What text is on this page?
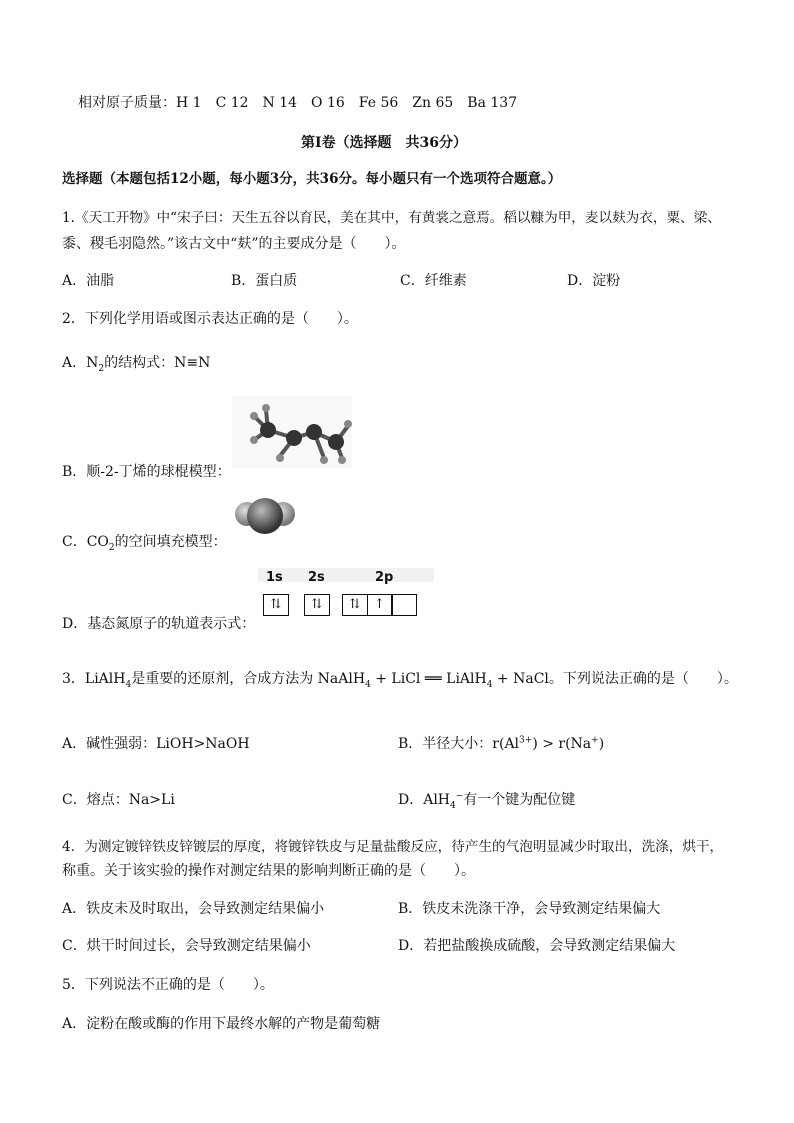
相对原子质量：H 1　C 12　N 14　O 16　Fe 56　Zn 65　Ba 137
第Ⅰ卷（选择题　共36分）
选择题（本题包括12小题，每小题3分，共36分。每小题只有一个选项符合题意。）
1.《天工开物》中“宋子曰：天生五谷以育民，美在其中，有黄裳之意焉。稻以糠为甲，麦以麸为衣，粟、梁、
黍、稷毛羽隐然。”该古文中“麸”的主要成分是（　　）。
A．油脂	B．蛋白质	C．纤维素	D．淀粉
2．下列化学用语或图示表达正确的是（　　）。
A．$N_2$的结构式：N≡N
B．顺-2-丁烯的球棍模型：
C．$CO_2$的空间填充模型：
D．基态氮原子的轨道表示式：
1s 2s	2p
⇅	⇅	⇅	↑
3．LiAlH$_4$是重要的还原剂，合成方法为 NaAlH$_4$ + LiCl ══ LiAlH$_4$ + NaCl。下列说法正确的是（　　）。
A．碱性强弱：LiOH>NaOH	B．半径大小：$r(Al^{3+}) > r(Na^+)$
C．熔点：Na>Li	D．AlH$_4$−有一个键为配位键
4．为测定镀锌铁皮锌镀层的厚度，将镀锌铁皮与足量盐酸反应，待产生的气泡明显减少时取出，洗涤，烘干，
称重。关于该实验的操作对测定结果的影响判断正确的是（　　）。
A．铁皮未及时取出，会导致测定结果偏小	B．铁皮未洗涤干净，会导致测定结果偏大
C．烘干时间过长，会导致测定结果偏小	D．若把盐酸换成硫酸，会导致测定结果偏大
5．下列说法不正确的是（　　）。
A．淀粉在酸或酶的作用下最终水解的产物是葡萄糖
